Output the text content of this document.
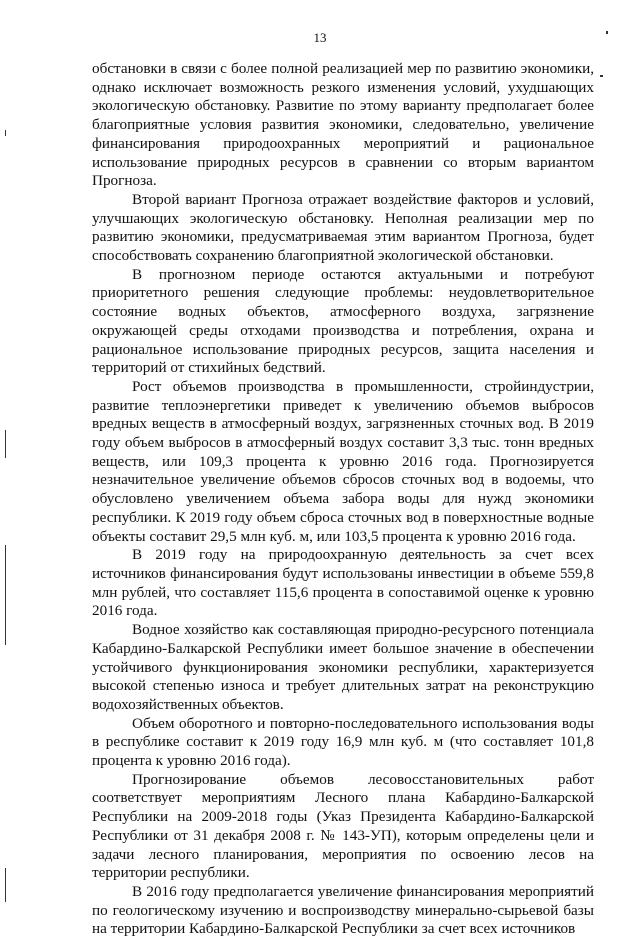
13

обстановки в связи с более полной реализацией мер по развитию экономики, однако исключает возможность резкого изменения условий, ухудшающих экологическую обстановку. Развитие по этому варианту предполагает более благоприятные условия развития экономики, следовательно, увеличение финансирования природоохранных мероприятий и рациональное использование природных ресурсов в сравнении со вторым вариантом Прогноза.

Второй вариант Прогноза отражает воздействие факторов и условий, улучшающих экологическую обстановку. Неполная реализации мер по развитию экономики, предусматриваемая этим вариантом Прогноза, будет способствовать сохранению благоприятной экологической обстановки.

В прогнозном периоде остаются актуальными и потребуют приоритетного решения следующие проблемы: неудовлетворительное состояние водных объектов, атмосферного воздуха, загрязнение окружающей среды отходами производства и потребления, охрана и рациональное использование природных ресурсов, защита населения и территорий от стихийных бедствий.

Рост объемов производства в промышленности, стройиндустрии, развитие теплоэнергетики приведет к увеличению объемов выбросов вредных веществ в атмосферный воздух, загрязненных сточных вод. В 2019 году объем выбросов в атмосферный воздух составит 3,3 тыс. тонн вредных веществ, или 109,3 процента к уровню 2016 года. Прогнозируется незначительное увеличение объемов сбросов сточных вод в водоемы, что обусловлено увеличением объема забора воды для нужд экономики республики. К 2019 году объем сброса сточных вод в поверхностные водные объекты составит 29,5 млн куб. м, или 103,5 процента к уровню 2016 года.

В 2019 году на природоохранную деятельность за счет всех источников финансирования будут использованы инвестиции в объеме 559,8 млн рублей, что составляет 115,6 процента в сопоставимой оценке к уровню 2016 года.

Водное хозяйство как составляющая природно-ресурсного потенциала Кабардино-Балкарской Республики имеет большое значение в обеспечении устойчивого функционирования экономики республики, характеризуется высокой степенью износа и требует длительных затрат на реконструкцию водохозяйственных объектов.

Объем оборотного и повторно-последовательного использования воды в республике составит к 2019 году 16,9 млн куб. м (что составляет 101,8 процента к уровню 2016 года).

Прогнозирование объемов лесовосстановительных работ соответствует мероприятиям Лесного плана Кабардино-Балкарской Республики на 2009-2018 годы (Указ Президента Кабардино-Балкарской Республики от 31 декабря 2008 г. № 143-УП), которым определены цели и задачи лесного планирования, мероприятия по освоению лесов на территории республики.

В 2016 году предполагается увеличение финансирования мероприятий по геологическому изучению и воспроизводству минерально-сырьевой базы на территории Кабардино-Балкарской Республики за счет всех источников
